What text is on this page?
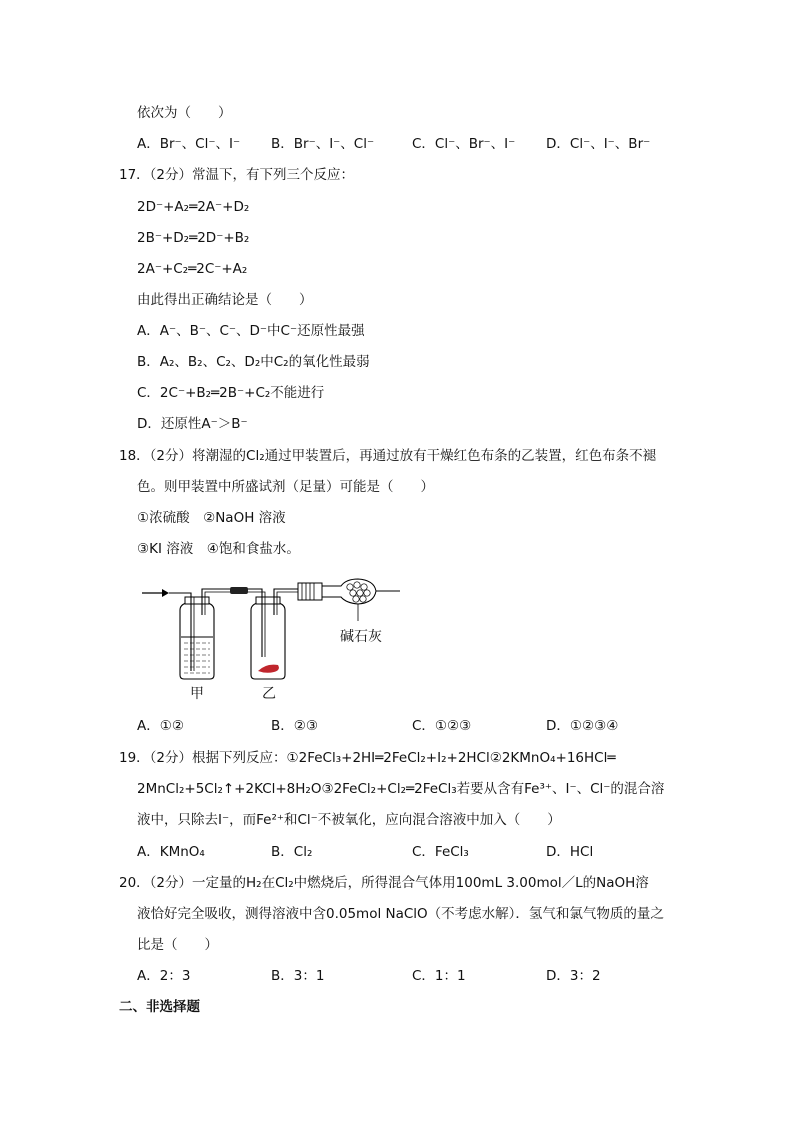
依次为（　　）
A．Br⁻、Cl⁻、I⁻ B．Br⁻、I⁻、Cl⁻	C．Cl⁻、Br⁻、I⁻ D．Cl⁻、I⁻、Br⁻
17．（2分）常温下，有下列三个反应：
2D⁻+A₂═2A⁻+D₂
2B⁻+D₂═2D⁻+B₂
2A⁻+C₂═2C⁻+A₂
由此得出正确结论是（　　）
A．A⁻、B⁻、C⁻、D⁻中C⁻还原性最强
B．A₂、B₂、C₂、D₂中C₂的氧化性最弱
C．2C⁻+B₂═2B⁻+C₂不能进行
D．还原性A⁻＞B⁻
18．（2分）将潮湿的Cl₂通过甲装置后，再通过放有干燥红色布条的乙装置，红色布条不褪
色。则甲装置中所盛试剂（足量）可能是（　　）
①浓硫酸　②NaOH 溶液
③KI 溶液　④饱和食盐水。
碱石灰
甲	乙
A．①②	B．②③	C．①②③	D．①②③④
19．（2分）根据下列反应：①2FeCl₃+2HI═2FeCl₂+I₂+2HCl②2KMnO₄+16HCl═
2MnCl₂+5Cl₂↑+2KCl+8H₂O③2FeCl₂+Cl₂═2FeCl₃若要从含有Fe³⁺、I⁻、Cl⁻的混合溶
液中，只除去I⁻，而Fe²⁺和Cl⁻不被氧化，应向混合溶液中加入（　　）
A．KMnO₄	B．Cl₂	C．FeCl₃	D．HCl
20．（2分）一定量的H₂在Cl₂中燃烧后，所得混合气体用100mL 3.00mol／L的NaOH溶
液恰好完全吸收，测得溶液中含0.05mol NaClO（不考虑水解）．氢气和氯气物质的量之
比是（　　）
A．2：3	B．3：1	C．1：1	D．3：2
二、非选择题
